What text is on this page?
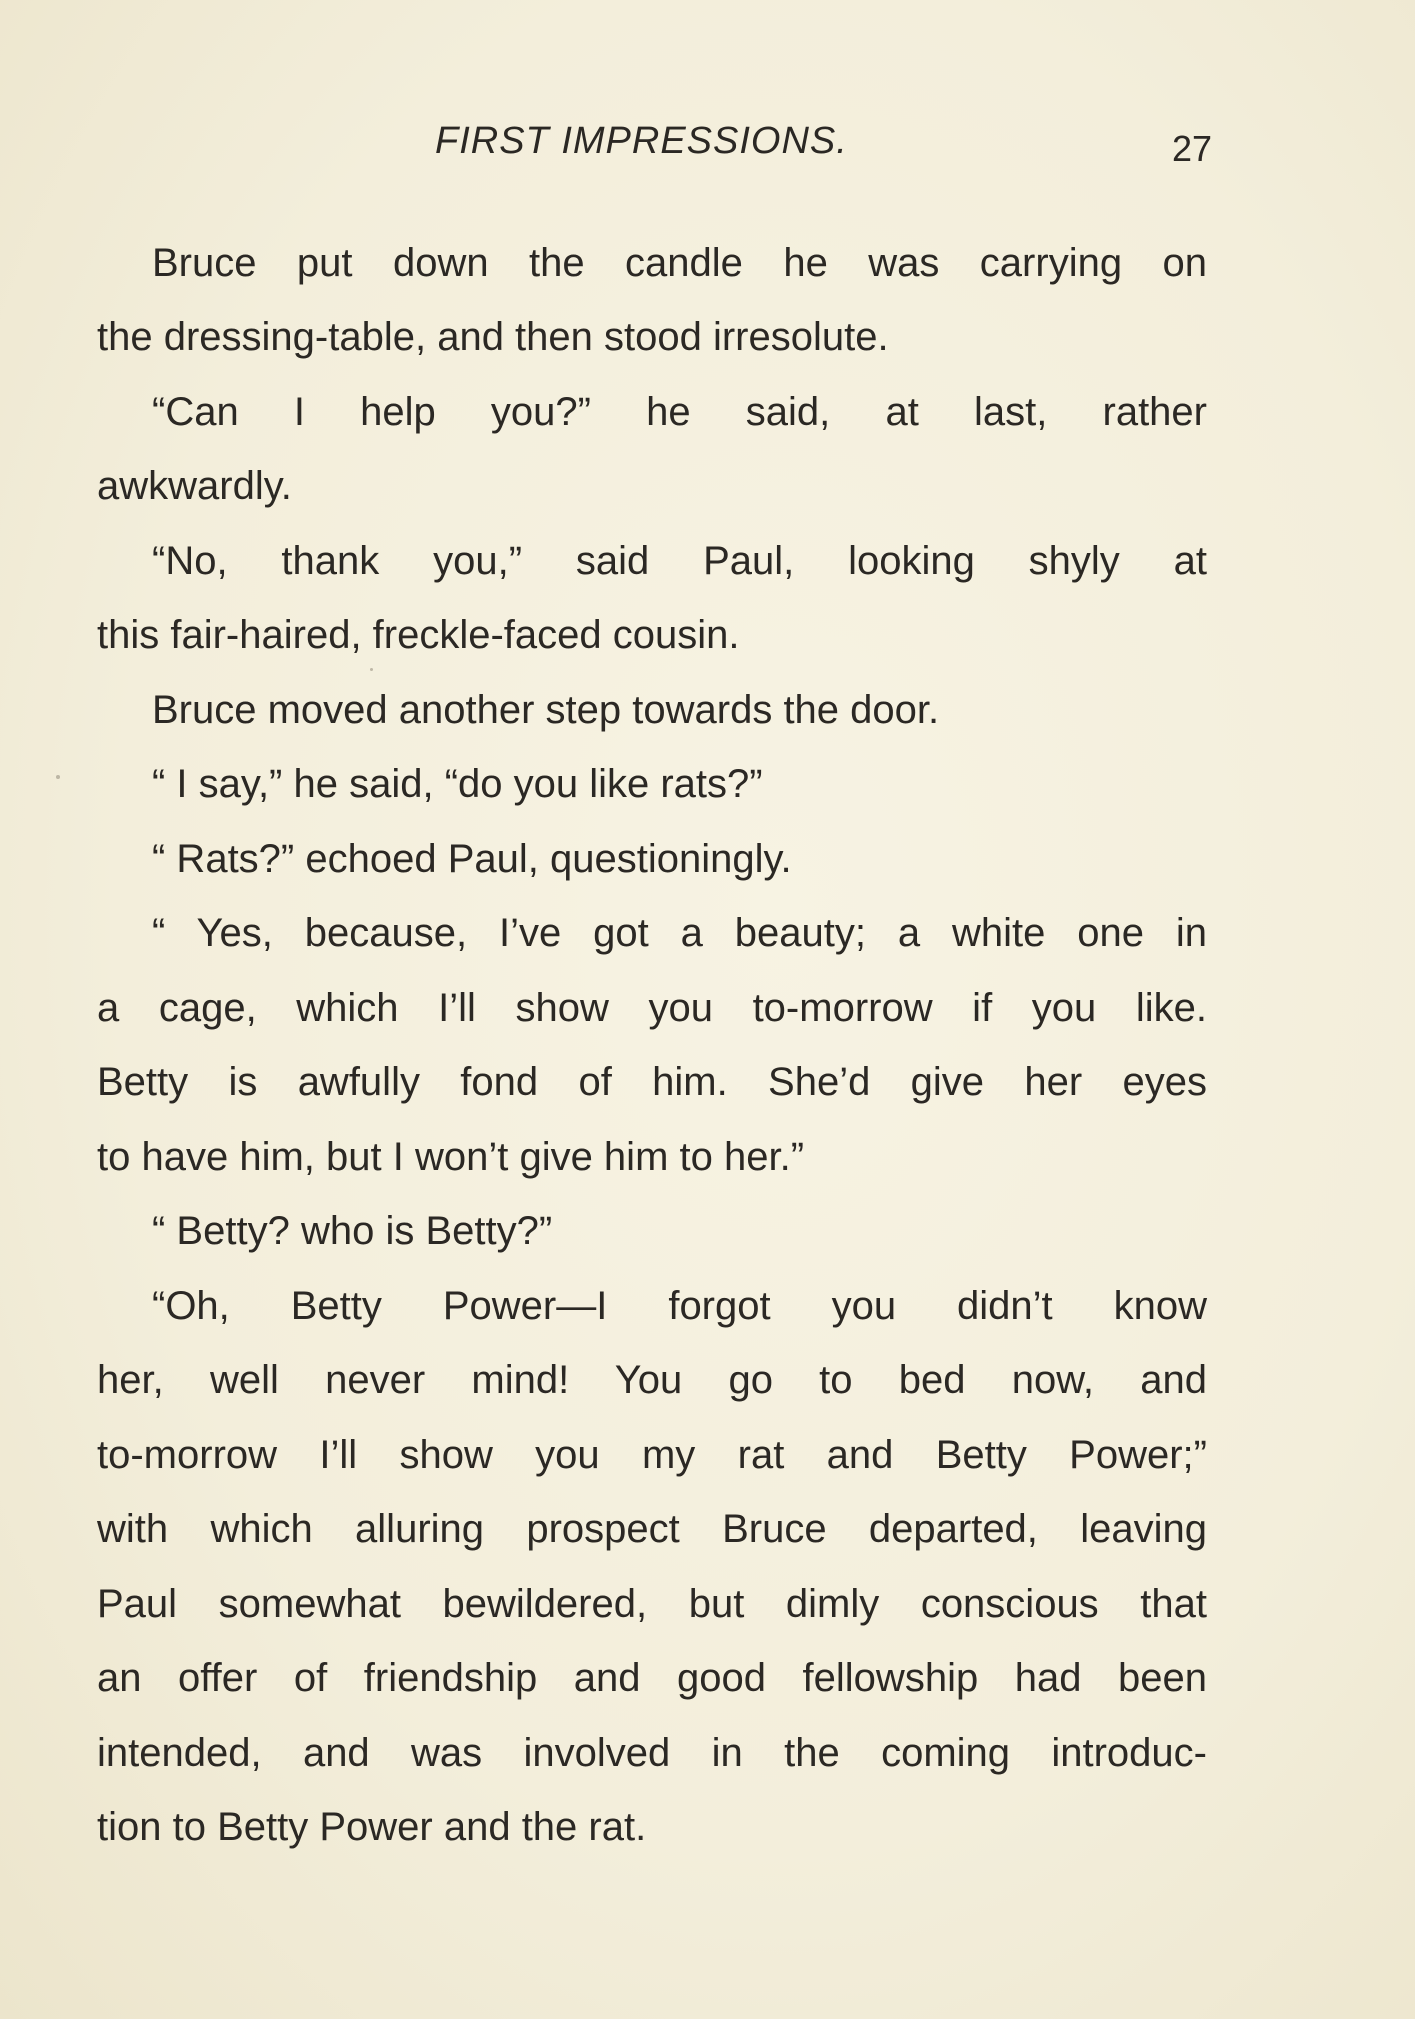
FIRST IMPRESSIONS.	27
Bruce put down the candle he was carrying on
the dressing-table, and then stood irresolute.
“Can I help you?” he said, at last, rather
awkwardly.
“No, thank you,” said Paul, looking shyly at
this fair-haired, freckle-faced cousin.
Bruce moved another step towards the door.
“ I say,” he said, “do you like rats?”
“ Rats?” echoed Paul, questioningly.
“ Yes, because, I’ve got a beauty; a white one in
a cage, which I’ll show you to-morrow if you like.
Betty is awfully fond of him. She’d give her eyes
to have him, but I won’t give him to her.”
“ Betty? who is Betty?”
“Oh, Betty Power—I forgot you didn’t know
her, well never mind! You go to bed now, and
to-morrow I’ll show you my rat and Betty Power;”
with which alluring prospect Bruce departed, leaving
Paul somewhat bewildered, but dimly conscious that
an offer of friendship and good fellowship had been
intended, and was involved in the coming introduc-
tion to Betty Power and the rat.
